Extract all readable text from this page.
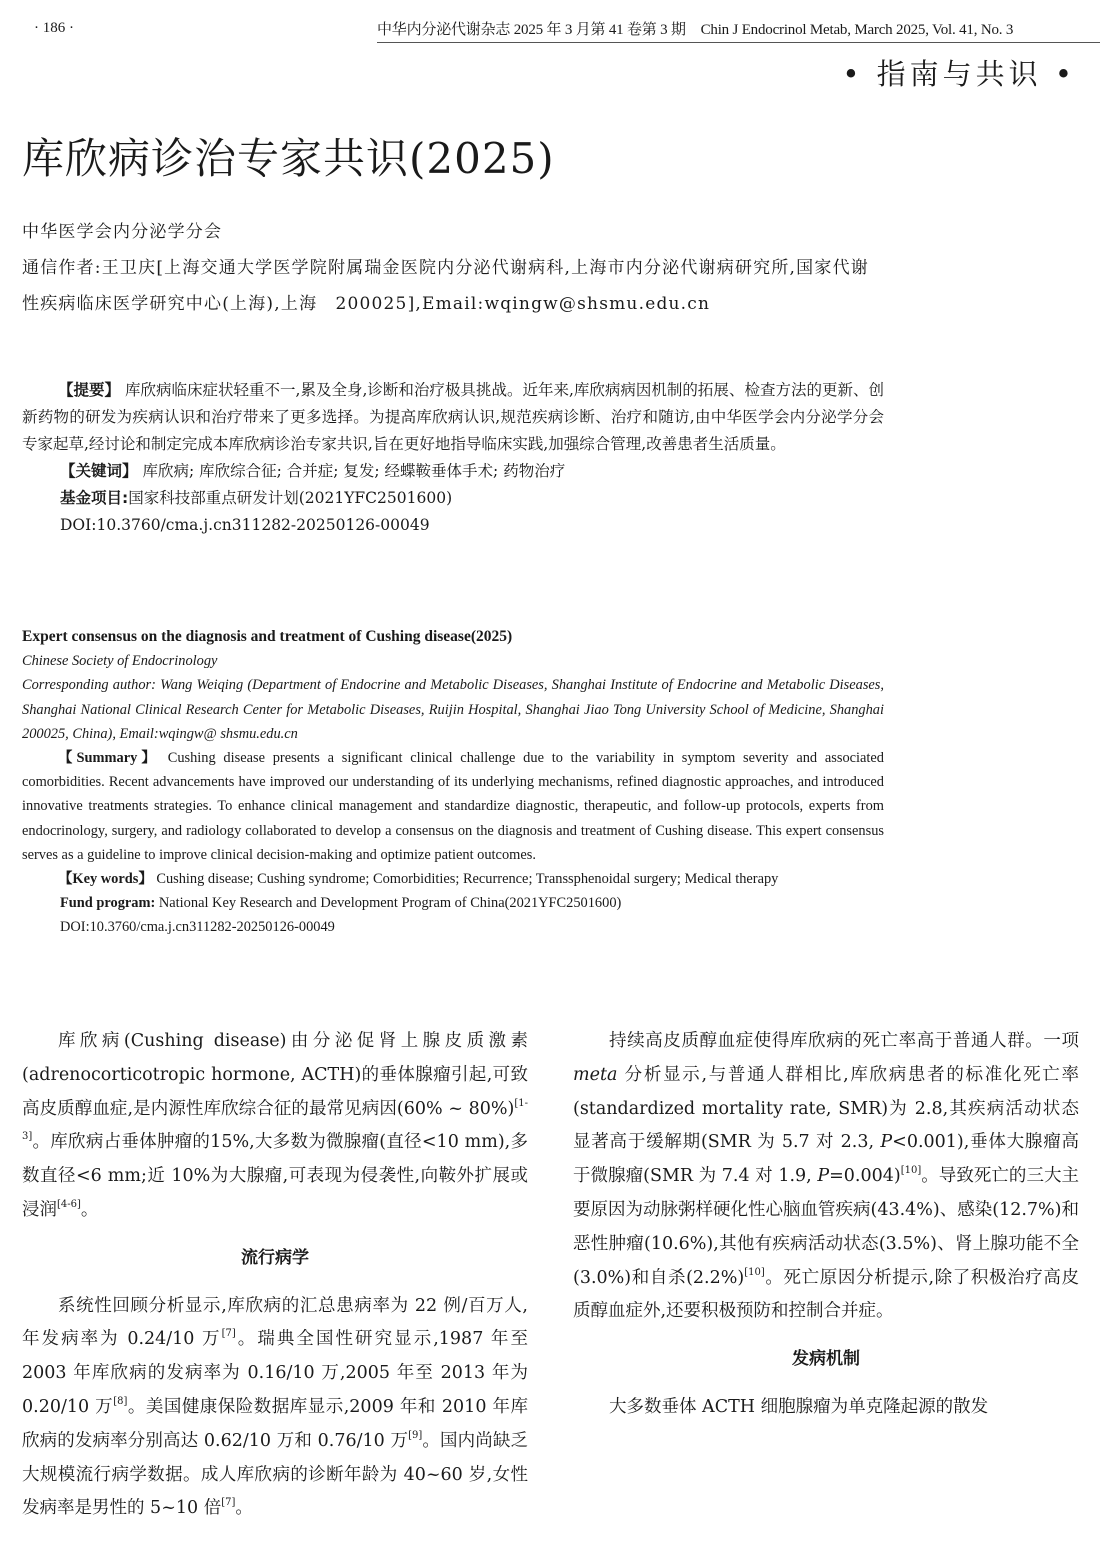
· 186 ·	中华内分泌代谢杂志 2025 年 3 月第 41 卷第 3 期　Chin J Endocrinol Metab, March 2025, Vol. 41, No. 3
• 指南与共识 •
库欣病诊治专家共识(2025)
中华医学会内分泌学分会
通信作者:王卫庆[上海交通大学医学院附属瑞金医院内分泌代谢病科,上海市内分泌代谢病研究所,国家代谢性疾病临床医学研究中心(上海),上海　200025],Email:wqingw@shsmu.edu.cn

【提要】 库欣病临床症状轻重不一,累及全身,诊断和治疗极具挑战。近年来,库欣病病因机制的拓展、检查方法的更新、创新药物的研发为疾病认识和治疗带来了更多选择。为提高库欣病认识,规范疾病诊断、治疗和随访,由中华医学会内分泌学分会专家起草,经讨论和制定完成本库欣病诊治专家共识,旨在更好地指导临床实践,加强综合管理,改善患者生活质量。

【关键词】 库欣病; 库欣综合征; 合并症; 复发; 经蝶鞍垂体手术; 药物治疗

基金项目:国家科技部重点研发计划(2021YFC2501600)

DOI:10.3760/cma.j.cn311282-20250126-00049

Expert consensus on the diagnosis and treatment of Cushing disease(2025)

Chinese Society of Endocrinology

Corresponding author: Wang Weiqing (Department of Endocrine and Metabolic Diseases, Shanghai Institute of Endocrine and Metabolic Diseases, Shanghai National Clinical Research Center for Metabolic Diseases, Ruijin Hospital, Shanghai Jiao Tong University School of Medicine, Shanghai 200025, China), Email:wqingw@ shsmu.edu.cn

【Summary】 Cushing disease presents a significant clinical challenge due to the variability in symptom severity and associated comorbidities. Recent advancements have improved our understanding of its underlying mechanisms, refined diagnostic approaches, and introduced innovative treatments strategies. To enhance clinical management and standardize diagnostic, therapeutic, and follow-up protocols, experts from endocrinology, surgery, and radiology collaborated to develop a consensus on the diagnosis and treatment of Cushing disease. This expert consensus serves as a guideline to improve clinical decision-making and optimize patient outcomes.

【Key words】 Cushing disease; Cushing syndrome; Comorbidities; Recurrence; Transsphenoidal surgery; Medical therapy

Fund program: National Key Research and Development Program of China(2021YFC2501600)

DOI:10.3760/cma.j.cn311282-20250126-00049

库欣病(Cushing disease)由分泌促肾上腺皮质激素(adrenocorticotropic hormone, ACTH)的垂体腺瘤引起,可致高皮质醇血症,是内源性库欣综合征的最常见病因(60% ~ 80%)[1-3]。库欣病占垂体肿瘤的15%,大多数为微腺瘤(直径<10 mm),多数直径<6 mm;近 10%为大腺瘤,可表现为侵袭性,向鞍外扩展或浸润[4-6]。

流行病学

系统性回顾分析显示,库欣病的汇总患病率为 22 例/百万人,年发病率为 0.24/10 万[7]。瑞典全国性研究显示,1987 年至 2003 年库欣病的发病率为 0.16/10 万,2005 年至 2013 年为 0.20/10 万[8]。美国健康保险数据库显示,2009 年和 2010 年库欣病的发病率分别高达 0.62/10 万和 0.76/10 万[9]。国内尚缺乏大规模流行病学数据。成人库欣病的诊断年龄为 40~60 岁,女性发病率是男性的 5~10 倍[7]。

持续高皮质醇血症使得库欣病的死亡率高于普通人群。一项 meta 分析显示,与普通人群相比,库欣病患者的标准化死亡率(standardized mortality rate, SMR)为 2.8,其疾病活动状态显著高于缓解期(SMR 为 5.7 对 2.3, P<0.001),垂体大腺瘤高于微腺瘤(SMR 为 7.4 对 1.9, P=0.004)[10]。导致死亡的三大主要原因为动脉粥样硬化性心脑血管疾病(43.4%)、感染(12.7%)和恶性肿瘤(10.6%),其他有疾病活动状态(3.5%)、肾上腺功能不全(3.0%)和自杀(2.2%)[10]。死亡原因分析提示,除了积极治疗高皮质醇血症外,还要积极预防和控制合并症。

发病机制

大多数垂体 ACTH 细胞腺瘤为单克隆起源的散发
